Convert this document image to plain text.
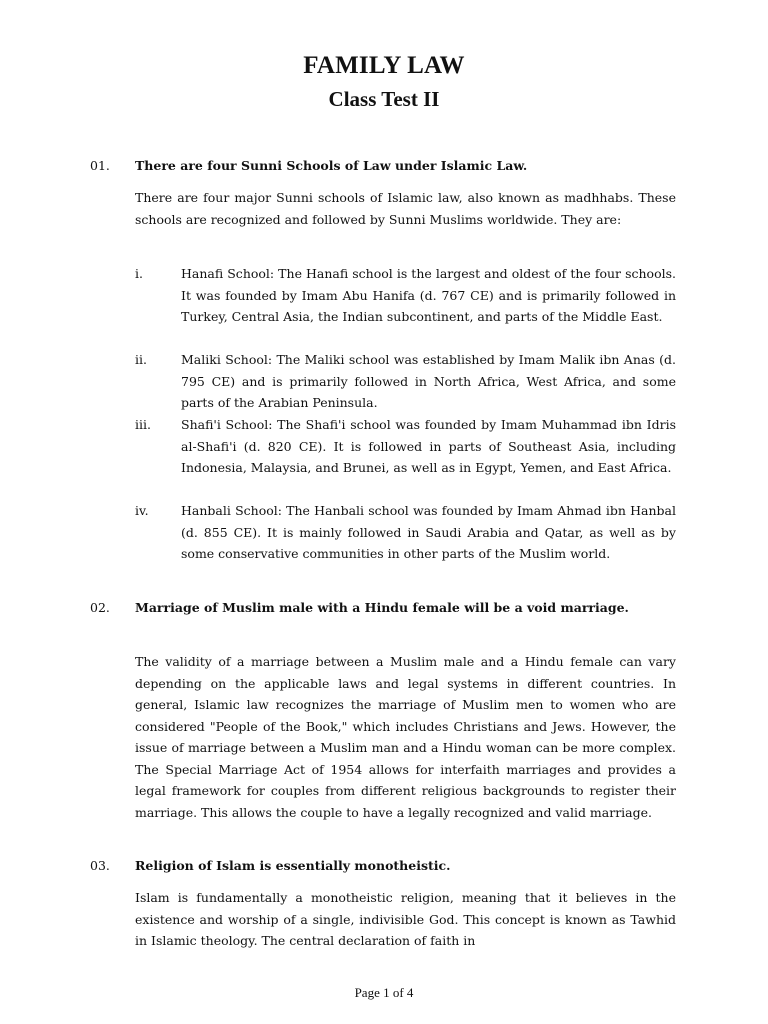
FAMILY LAW
Class Test II
01. There are four Sunni Schools of Law under Islamic Law.
There are four major Sunni schools of Islamic law, also known as madhhabs. These schools are recognized and followed by Sunni Muslims worldwide. They are:
i.	Hanafi School: The Hanafi school is the largest and oldest of the four schools. It was founded by Imam Abu Hanifa (d. 767 CE) and is primarily followed in Turkey, Central Asia, the Indian subcontinent, and parts of the Middle East.
ii.	Maliki School: The Maliki school was established by Imam Malik ibn Anas (d. 795 CE) and is primarily followed in North Africa, West Africa, and some parts of the Arabian Peninsula.
iii.	Shafi'i School: The Shafi'i school was founded by Imam Muhammad ibn Idris al-Shafi'i (d. 820 CE). It is followed in parts of Southeast Asia, including Indonesia, Malaysia, and Brunei, as well as in Egypt, Yemen, and East Africa.
iv.	Hanbali School: The Hanbali school was founded by Imam Ahmad ibn Hanbal (d. 855 CE). It is mainly followed in Saudi Arabia and Qatar, as well as by some conservative communities in other parts of the Muslim world.
02. Marriage of Muslim male with a Hindu female will be a void marriage.
The validity of a marriage between a Muslim male and a Hindu female can vary depending on the applicable laws and legal systems in different countries. In general, Islamic law recognizes the marriage of Muslim men to women who are considered "People of the Book," which includes Christians and Jews. However, the issue of marriage between a Muslim man and a Hindu woman can be more complex. The Special Marriage Act of 1954 allows for interfaith marriages and provides a legal framework for couples from different religious backgrounds to register their marriage. This allows the couple to have a legally recognized and valid marriage.
03. Religion of Islam is essentially monotheistic.
Islam is fundamentally a monotheistic religion, meaning that it believes in the existence and worship of a single, indivisible God. This concept is known as Tawhid in Islamic theology. The central declaration of faith in
Page 1 of 4
